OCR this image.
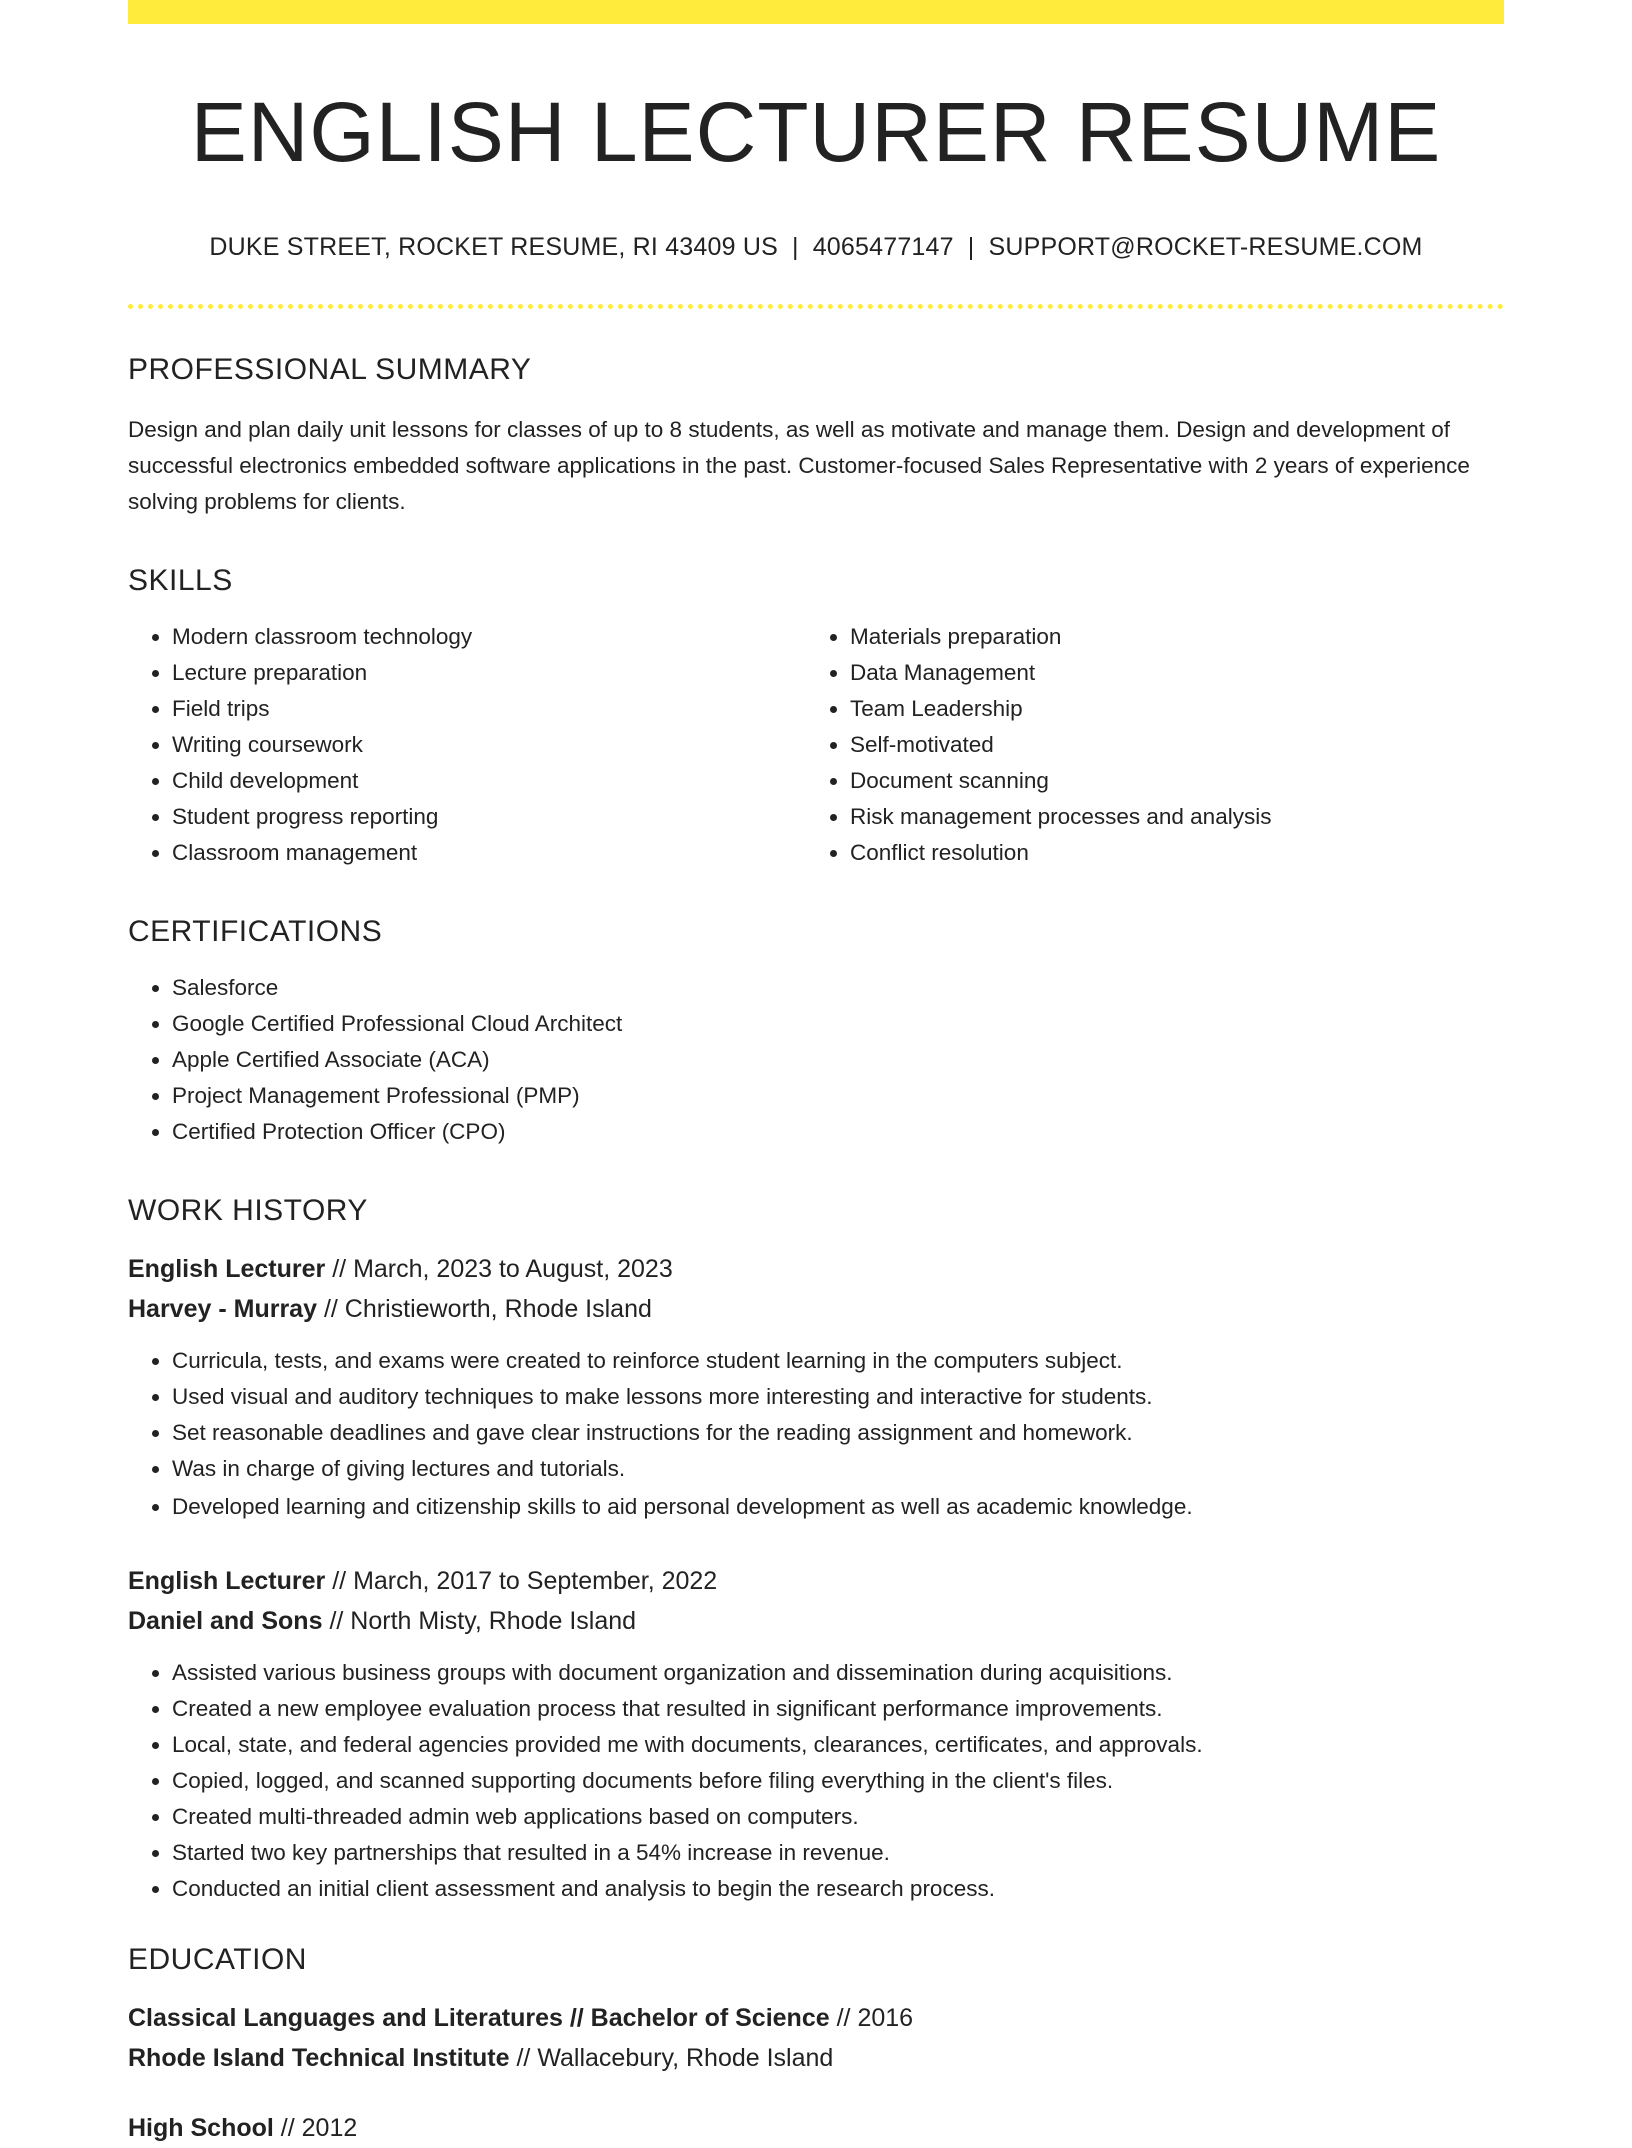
ENGLISH LECTURER RESUME
DUKE STREET, ROCKET RESUME, RI 43409 US | 4065477147 | SUPPORT@ROCKET-RESUME.COM
PROFESSIONAL SUMMARY
Design and plan daily unit lessons for classes of up to 8 students, as well as motivate and manage them. Design and development of successful electronics embedded software applications in the past. Customer-focused Sales Representative with 2 years of experience solving problems for clients.
SKILLS
• Modern classroom technology
• Lecture preparation
• Field trips
• Writing coursework
• Child development
• Student progress reporting
• Classroom management
• Materials preparation
• Data Management
• Team Leadership
• Self-motivated
• Document scanning
• Risk management processes and analysis
• Conflict resolution
CERTIFICATIONS
• Salesforce
• Google Certified Professional Cloud Architect
• Apple Certified Associate (ACA)
• Project Management Professional (PMP)
• Certified Protection Officer (CPO)
WORK HISTORY
English Lecturer // March, 2023 to August, 2023
Harvey - Murray // Christieworth, Rhode Island
• Curricula, tests, and exams were created to reinforce student learning in the computers subject.
• Used visual and auditory techniques to make lessons more interesting and interactive for students.
• Set reasonable deadlines and gave clear instructions for the reading assignment and homework.
• Was in charge of giving lectures and tutorials.
• Developed learning and citizenship skills to aid personal development as well as academic knowledge.
English Lecturer // March, 2017 to September, 2022
Daniel and Sons // North Misty, Rhode Island
• Assisted various business groups with document organization and dissemination during acquisitions.
• Created a new employee evaluation process that resulted in significant performance improvements.
• Local, state, and federal agencies provided me with documents, clearances, certificates, and approvals.
• Copied, logged, and scanned supporting documents before filing everything in the client's files.
• Created multi-threaded admin web applications based on computers.
• Started two key partnerships that resulted in a 54% increase in revenue.
• Conducted an initial client assessment and analysis to begin the research process.
EDUCATION
Classical Languages and Literatures // Bachelor of Science // 2016
Rhode Island Technical Institute // Wallacebury, Rhode Island
High School // 2012
